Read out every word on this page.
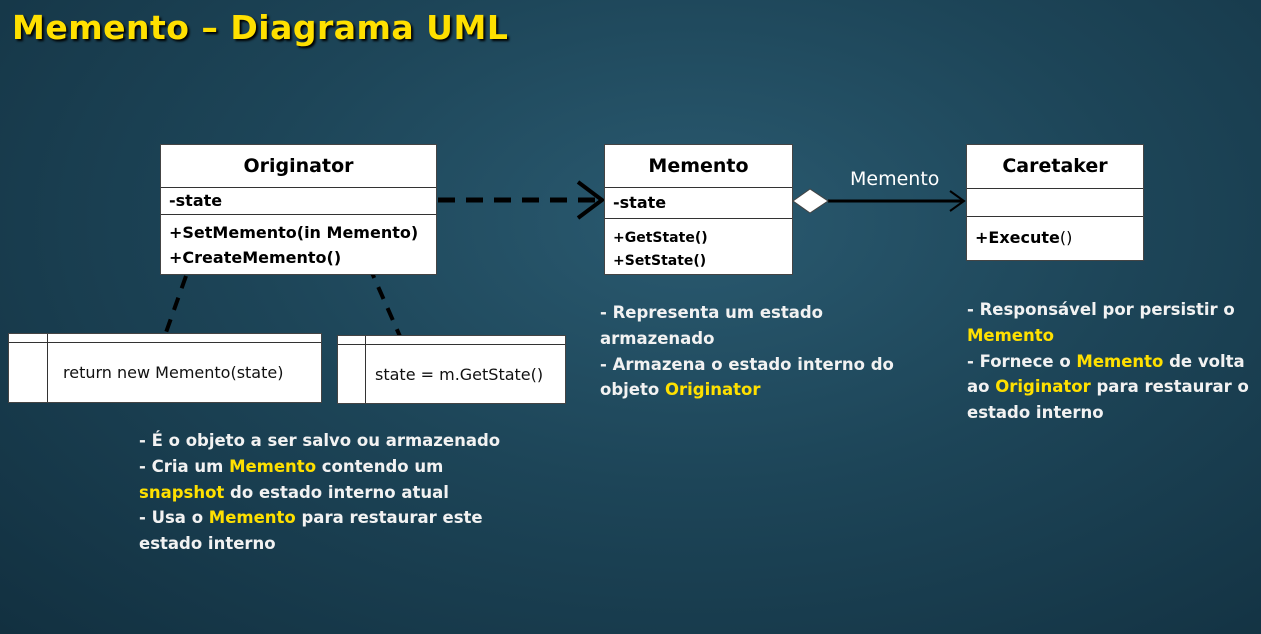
Memento – Diagrama UML
Originator
-state
+SetMemento(in Memento)
+CreateMemento()
Memento
-state
+GetState()
+SetState()
Caretaker
+Execute()
Memento
return new Memento(state)	state = m.GetState()
- É o objeto a ser salvo ou armazenado
- Cria um Memento contendo um
snapshot do estado interno atual
- Usa o Memento para restaurar este
estado interno
- Representa um estado
armazenado
- Armazena o estado interno do
objeto Originator
- Responsável por persistir o
Memento
- Fornece o Memento de volta
ao Originator para restaurar o
estado interno
